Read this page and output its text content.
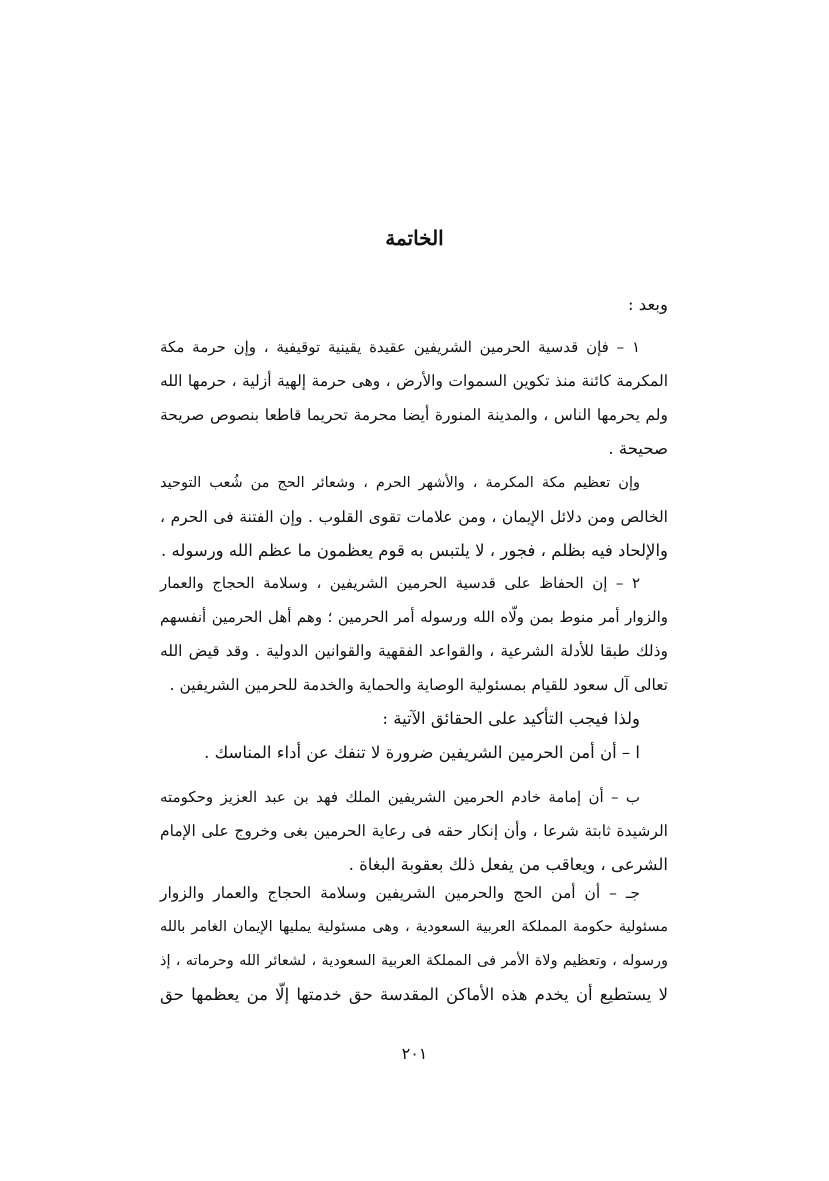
الخاتمة
وبعد :
١ – فإن قدسية الحرمين الشريفين عقيدة يقينية توقيفية ، وإن حرمة مكة
المكرمة كائنة منذ تكوين السموات والأرض ، وهى حرمة إلهية أزلية ، حرمها الله
ولم يحرمها الناس ، والمدينة المنورة أيضا محرمة تحريما قاطعا بنصوص صريحة
صحيحة .
وإن تعظيم مكة المكرمة ، والأشهر الحرم ، وشعائر الحج من شُعب التوحيد
الخالص ومن دلائل الإيمان ، ومن علامات تقوى القلوب . وإن الفتنة فى الحرم ،
والإلحاد فيه بظلم ، فجور ، لا يلتبس به قوم يعظمون ما عظم الله ورسوله .
٢ – إن الحفاظ على قدسية الحرمين الشريفين ، وسلامة الحجاج والعمار
والزوار أمر منوط بمن ولّاه الله ورسوله أمر الحرمين ؛ وهم أهل الحرمين أنفسهم
وذلك طبقا للأدلة الشرعية ، والقواعد الفقهية والقوانين الدولية . وقد قيض الله
تعالى آل سعود للقيام بمسئولية الوصاية والحماية والخدمة للحرمين الشريفين .
ولذا فيجب التأكيد على الحقائق الآتية :
ا – أن أمن الحرمين الشريفين ضرورة لا تنفك عن أداء المناسك .
ب – أن إمامة خادم الحرمين الشريفين الملك فهد بن عبد العزيز وحكومته
الرشيدة ثابتة شرعا ، وأن إنكار حقه فى رعاية الحرمين بغى وخروج على الإمام
الشرعى ، ويعاقب من يفعل ذلك بعقوبة البغاة .
جـ – أن أمن الحج والحرمين الشريفين وسلامة الحجاج والعمار والزوار
مسئولية حكومة المملكة العربية السعودية ، وهى مسئولية يمليها الإيمان الغامر بالله
ورسوله ، وتعظيم ولاة الأمر فى المملكة العربية السعودية ، لشعائر الله وحرماته ، إذ
لا يستطيع أن يخدم هذه الأماكن المقدسة حق خدمتها إلّا من يعظمها حق
٢٠١
